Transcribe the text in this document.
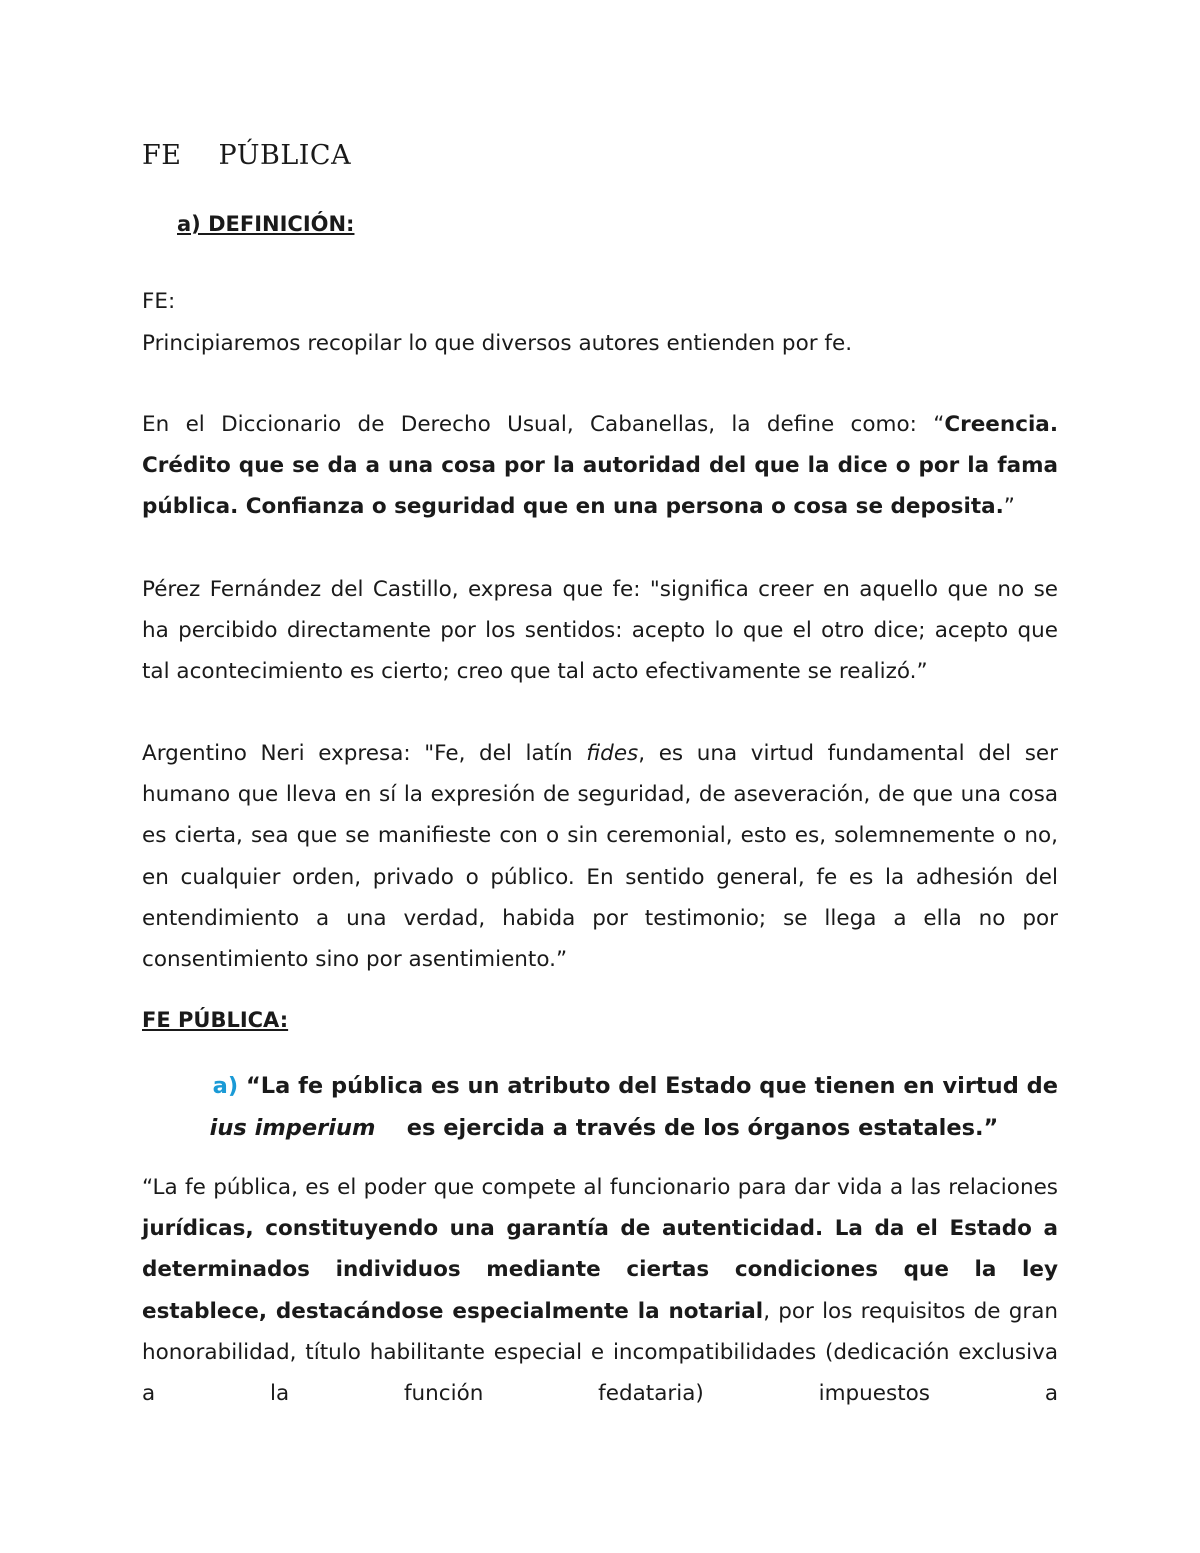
FE PÚBLICA
a) DEFINICIÓN:

FE:

Principiaremos recopilar lo que diversos autores entienden por fe.

En el Diccionario de Derecho Usual, Cabanellas, la define como: “Creencia. Crédito que se da a una cosa por la autoridad del que la dice o por la fama pública. Confianza o seguridad que en una persona o cosa se deposita.”

Pérez Fernández del Castillo, expresa que fe: "significa creer en aquello que no se ha percibido directamente por los sentidos: acepto lo que el otro dice; acepto que tal acontecimiento es cierto; creo que tal acto efectivamente se realizó.”

Argentino Neri expresa: "Fe, del latín fides, es una virtud fundamental del ser humano que lleva en sí la expresión de seguridad, de aseveración, de que una cosa es cierta, sea que se manifieste con o sin ceremonial, esto es, solemnemente o no, en cualquier orden, privado o público. En sentido general, fe es la adhesión del entendimiento a una verdad, habida por testimonio; se llega a ella no por consentimiento sino por asentimiento.”

FE PÚBLICA:

a) “La fe pública es un atributo del Estado que tienen en virtud de
ius imperium es ejercida a través de los órganos estatales.”

“La fe pública, es el poder que compete al funcionario para dar vida a las relaciones jurídicas, constituyendo una garantía de autenticidad. La da el Estado a determinados individuos mediante ciertas condiciones que la ley establece, destacándose especialmente la notarial, por los requisitos de gran honorabilidad, título habilitante especial e incompatibilidades (dedicación exclusiva a la función fedataria) impuestos a
